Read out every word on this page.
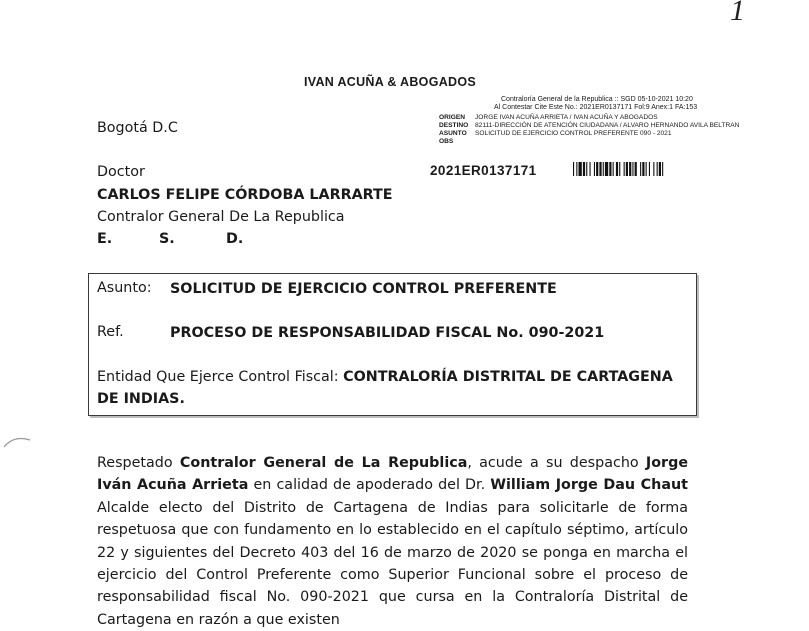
1
IVAN ACUÑA & ABOGADOS
Contraloría General de la Republica :: SGD 05-10-2021 10:20
Al Contestar Cite Este No.: 2021ER0137171 Fol:9 Anex:1 FA:153
ORIGEN JORGE IVAN ACUÑA ARRIETA / IVAN ACUÑA Y ABOGADOS
DESTINO 82111-DIRECCIÓN DE ATENCIÓN CIUDADANA / ALVARO HERNANDO AVILA BELTRAN
ASUNTO SOLICITUD DE EJERCICIO CONTROL PREFERENTE 090 - 2021
OBS
2021ER0137171
Bogotá D.C
Doctor
CARLOS FELIPE CÓRDOBA LARRARTE
Contralor General De La Republica
E.	S.	D.
Asunto: SOLICITUD DE EJERCICIO CONTROL PREFERENTE
Ref.	PROCESO DE RESPONSABILIDAD FISCAL No. 090-2021
Entidad Que Ejerce Control Fiscal: CONTRALORÍA DISTRITAL DE CARTAGENA
DE INDIAS.
Respetado Contralor General de La Republica, acude a su despacho Jorge Iván Acuña Arrieta en calidad de apoderado del Dr. William Jorge Dau Chaut Alcalde electo del Distrito de Cartagena de Indias para solicitarle de forma respetuosa que con fundamento en lo establecido en el capítulo séptimo, artículo 22 y siguientes del Decreto 403 del 16 de marzo de 2020 se ponga en marcha el ejercicio del Control Preferente como Superior Funcional sobre el proceso de responsabilidad fiscal No. 090-2021 que cursa en la Contraloría Distrital de Cartagena en razón a que existen
